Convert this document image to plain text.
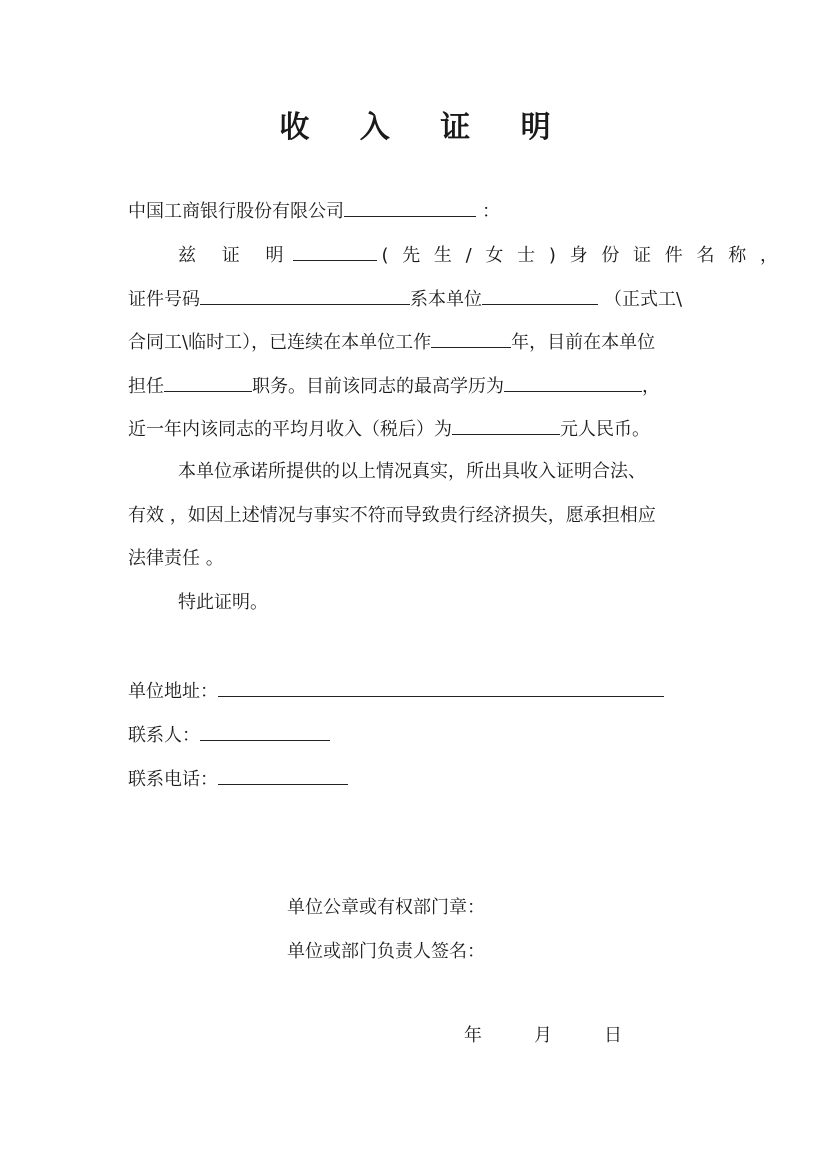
收 入 证 明
中国工商银行股份有限公司	：
兹 证 明	( 先 生 / 女 士 ) 身 份 证 件 名 称 ，
证件号码	系本单位	（正式工\
合同工\临时工），已连续在本单位工作	年，目前在本单位
担任	职务。目前该同志的最高学历为	，
近一年内该同志的平均月收入（税后）为	元人民币。
本单位承诺所提供的以上情况真实，所出具收入证明合法、
有效 ，如因上述情况与事实不符而导致贵行经济损失，愿承担相应
法律责任 。
特此证明。
单位地址：
联系人：
联系电话：
单位公章或有权部门章：
单位或部门负责人签名：
年	月	日
